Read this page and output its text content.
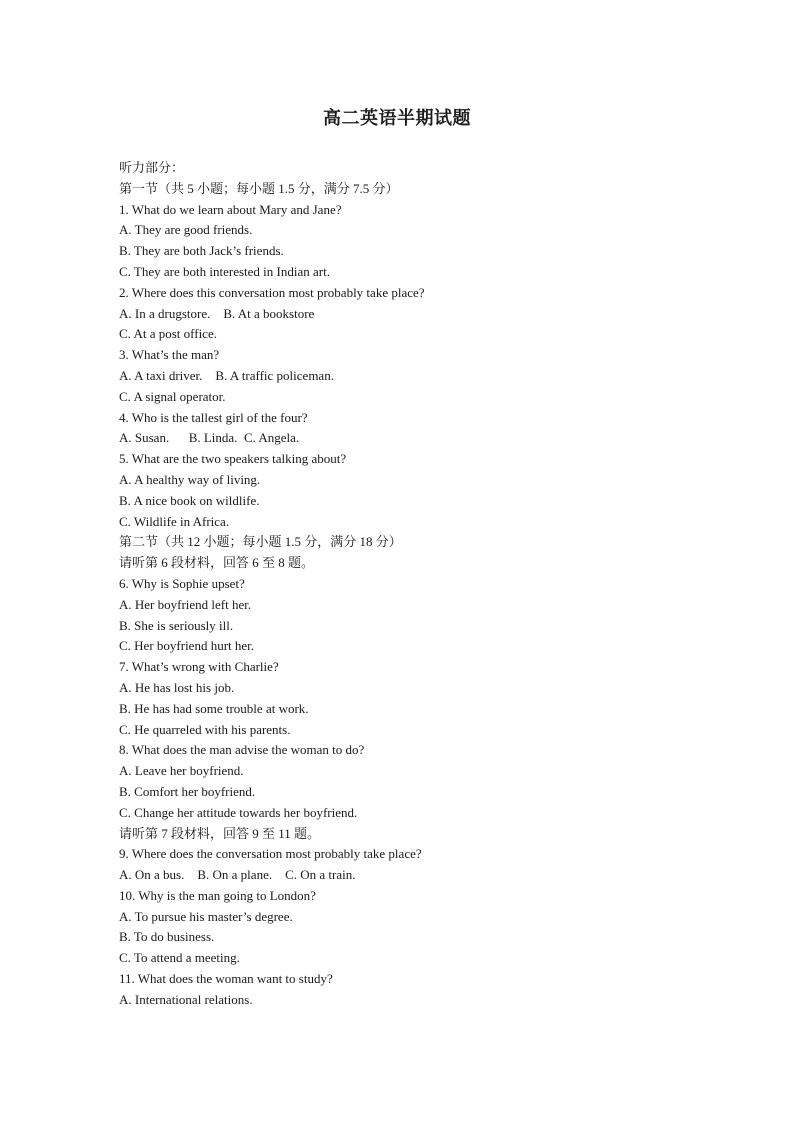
高二英语半期试题
听力部分：
第一节（共 5 小题；每小题 1.5 分，满分 7.5 分）
1. What do we learn about Mary and Jane?
A. They are good friends.
B. They are both Jack’s friends.
C. They are both interested in Indian art.
2. Where does this conversation most probably take place?
A. In a drugstore.    B. At a bookstore
C. At a post office.
3. What’s the man?
A. A taxi driver.    B. A traffic policeman.
C. A signal operator.
4. Who is the tallest girl of the four?
A. Susan.      B. Linda.  C. Angela.
5. What are the two speakers talking about?
A. A healthy way of living.
B. A nice book on wildlife.
C. Wildlife in Africa.
第二节（共 12 小题；每小题 1.5 分，满分 18 分）
请听第 6 段材料，回答 6 至 8 题。
6. Why is Sophie upset?
A. Her boyfriend left her.
B. She is seriously ill.
C. Her boyfriend hurt her.
7. What’s wrong with Charlie?
A. He has lost his job.
B. He has had some trouble at work.
C. He quarreled with his parents.
8. What does the man advise the woman to do?
A. Leave her boyfriend.
B. Comfort her boyfriend.
C. Change her attitude towards her boyfriend.
请听第 7 段材料，回答 9 至 11 题。
9. Where does the conversation most probably take place?
A. On a bus.    B. On a plane.    C. On a train.
10. Why is the man going to London?
A. To pursue his master’s degree.
B. To do business.
C. To attend a meeting.
11. What does the woman want to study?
A. International relations.
